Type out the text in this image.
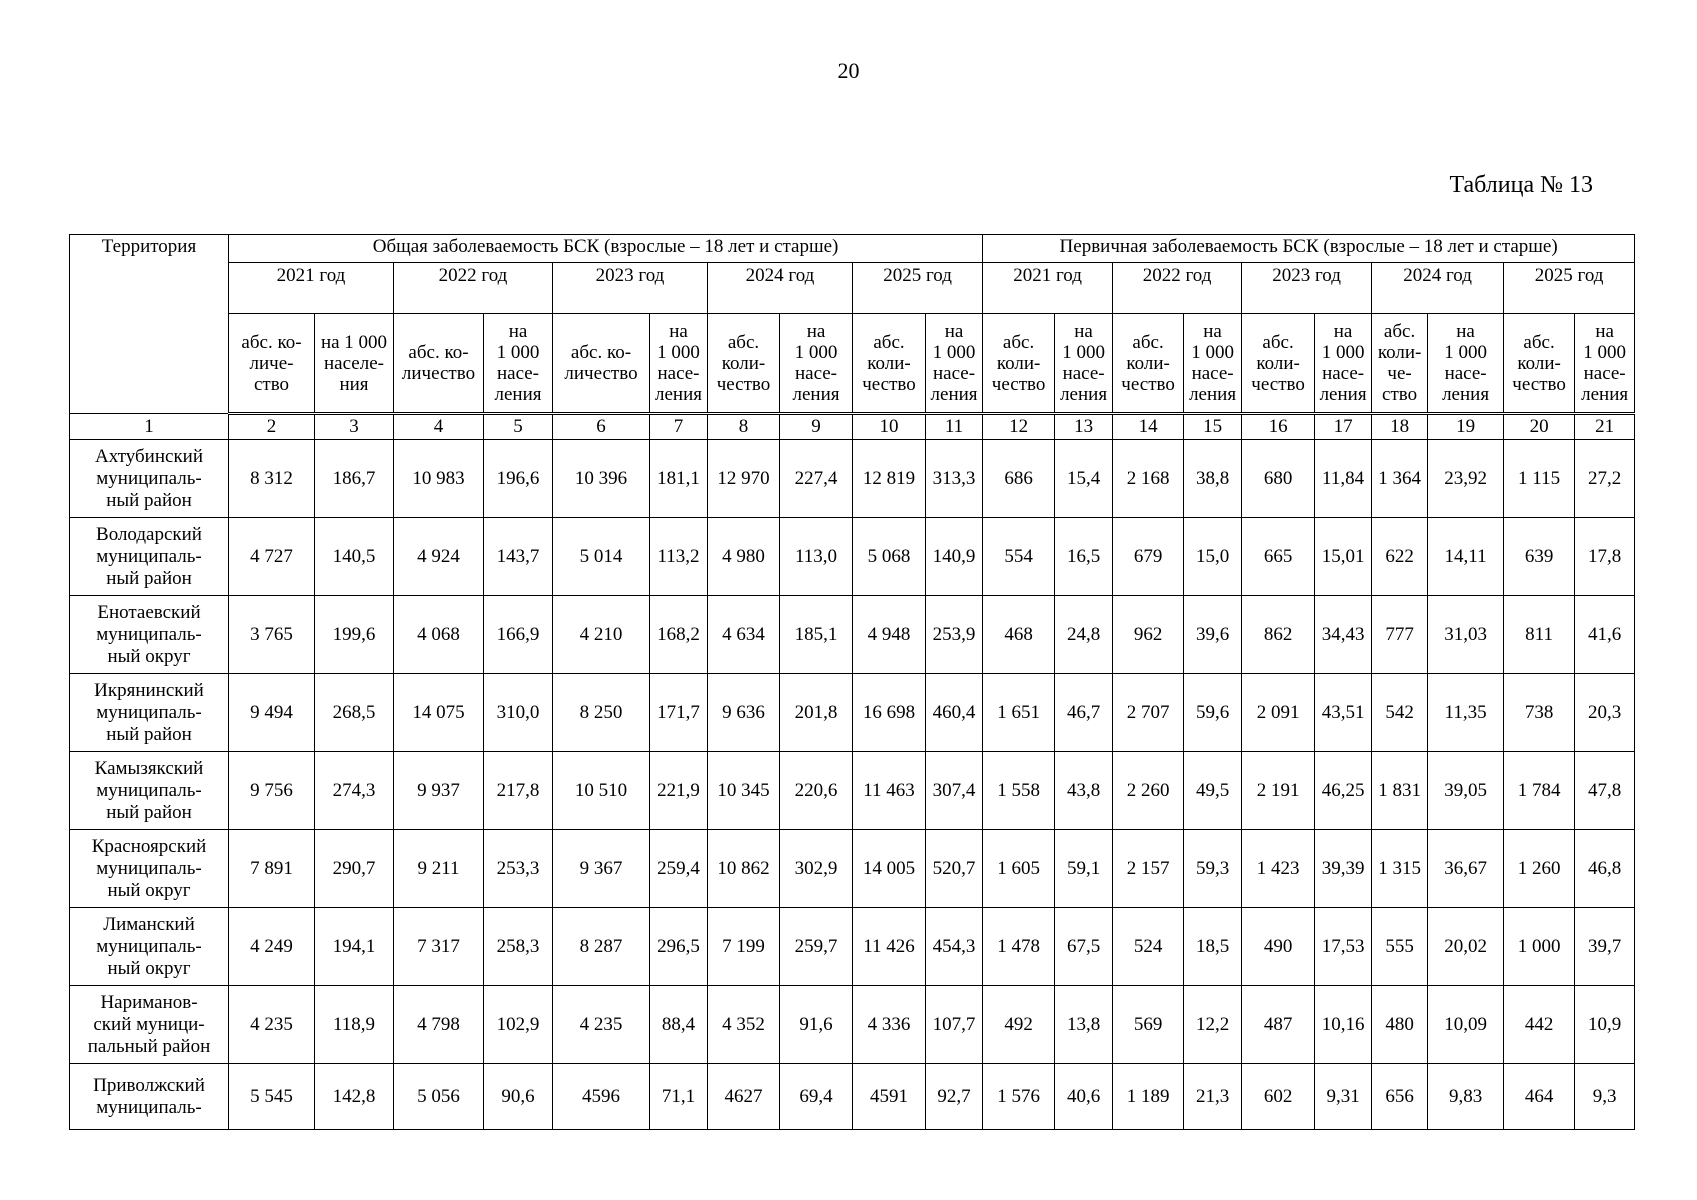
20
Таблица № 13
Территория	Общая заболеваемость БСК (взрослые – 18 лет и старше)										Первичная заболеваемость БСК (взрослые – 18 лет и старше)									
	2021 год		2022 год		2023 год		2024 год		2025 год		2021 год		2022 год		2023 год		2024 год		2025 год	
	абс. ко-
личе-
ство	на 1 000
населе-
ния	абс. ко-
личество	на
1 000
насе-
ления	абс. ко-
личество	на
1 000
насе-
ления	абс.
коли-
чество	на
1 000
насе-
ления	абс.
коли-
чество	на
1 000
насе-
ления	абс.
коли-
чество	на
1 000
насе-
ления	абс.
коли-
чество	на
1 000
насе-
ления	абс.
коли-
чество	на
1 000
насе-
ления	абс.
коли-
че-
ство	на
1 000
насе-
ления	абс.
коли-
чество	на
1 000
насе-
ления
1	2	3	4	5	6	7	8	9	10	11	12	13	14	15	16	17	18	19	20	21
Ахтубинский
муниципаль-
ный район	8 312	186,7	10 983	196,6	10 396	181,1	12 970	227,4	12 819	313,3	686	15,4	2 168	38,8	680	11,84	1 364	23,92	1 115	27,2
Володарский
муниципаль-
ный район	4 727	140,5	4 924	143,7	5 014	113,2	4 980	113,0	5 068	140,9	554	16,5	679	15,0	665	15,01	622	14,11	639	17,8
Енотаевский
муниципаль-
ный округ	3 765	199,6	4 068	166,9	4 210	168,2	4 634	185,1	4 948	253,9	468	24,8	962	39,6	862	34,43	777	31,03	811	41,6
Икрянинский
муниципаль-
ный район	9 494	268,5	14 075	310,0	8 250	171,7	9 636	201,8	16 698	460,4	1 651	46,7	2 707	59,6	2 091	43,51	542	11,35	738	20,3
Камызякский
муниципаль-
ный район	9 756	274,3	9 937	217,8	10 510	221,9	10 345	220,6	11 463	307,4	1 558	43,8	2 260	49,5	2 191	46,25	1 831	39,05	1 784	47,8
Красноярский
муниципаль-
ный округ	7 891	290,7	9 211	253,3	9 367	259,4	10 862	302,9	14 005	520,7	1 605	59,1	2 157	59,3	1 423	39,39	1 315	36,67	1 260	46,8
Лиманский
муниципаль-
ный округ	4 249	194,1	7 317	258,3	8 287	296,5	7 199	259,7	11 426	454,3	1 478	67,5	524	18,5	490	17,53	555	20,02	1 000	39,7
Нариманов-
ский муници-
пальный район	4 235	118,9	4 798	102,9	4 235	88,4	4 352	91,6	4 336	107,7	492	13,8	569	12,2	487	10,16	480	10,09	442	10,9
Приволжский
муниципаль-	5 545	142,8	5 056	90,6	4596	71,1	4627	69,4	4591	92,7	1 576	40,6	1 189	21,3	602	9,31	656	9,83	464	9,3
